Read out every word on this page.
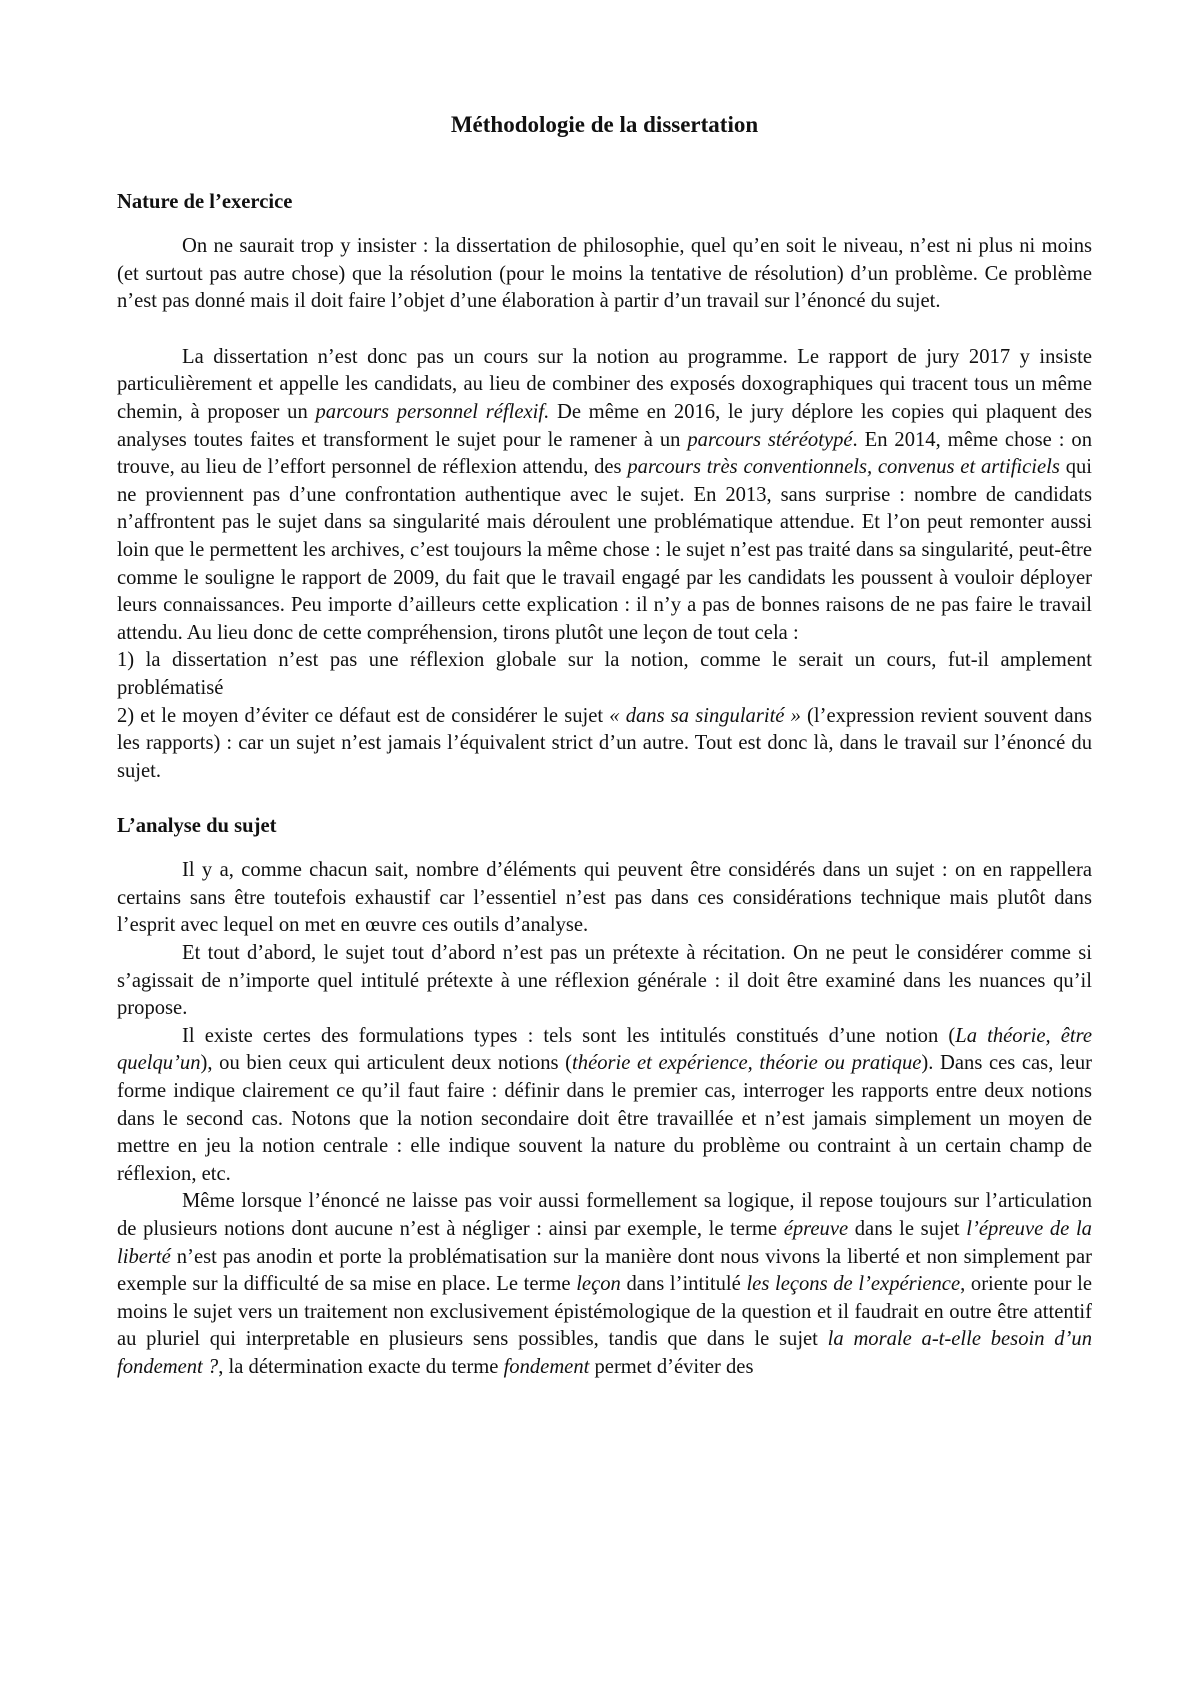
Méthodologie de la dissertation
Nature de l’exercice

On ne saurait trop y insister : la dissertation de philosophie, quel qu’en soit le niveau, n’est ni plus ni moins (et surtout pas autre chose) que la résolution (pour le moins la tentative de résolution) d’un problème. Ce problème n’est pas donné mais il doit faire l’objet d’une élaboration à partir d’un travail sur l’énoncé du sujet.

La dissertation n’est donc pas un cours sur la notion au programme. Le rapport de jury 2017 y insiste particulièrement et appelle les candidats, au lieu de combiner des exposés doxographiques qui tracent tous un même chemin, à proposer un parcours personnel réflexif. De même en 2016, le jury déplore les copies qui plaquent des analyses toutes faites et transforment le sujet pour le ramener à un parcours stéréotypé. En 2014, même chose : on trouve, au lieu de l’effort personnel de réflexion attendu, des parcours très conventionnels, convenus et artificiels qui ne proviennent pas d’une confrontation authentique avec le sujet. En 2013, sans surprise : nombre de candidats n’affrontent pas le sujet dans sa singularité mais déroulent une problématique attendue. Et l’on peut remonter aussi loin que le permettent les archives, c’est toujours la même chose : le sujet n’est pas traité dans sa singularité, peut-être comme le souligne le rapport de 2009, du fait que le travail engagé par les candidats les poussent à vouloir déployer leurs connaissances. Peu importe d’ailleurs cette explication : il n’y a pas de bonnes raisons de ne pas faire le travail attendu. Au lieu donc de cette compréhension, tirons plutôt une leçon de tout cela :

1) la dissertation n’est pas une réflexion globale sur la notion, comme le serait un cours, fut-il amplement problématisé

2) et le moyen d’éviter ce défaut est de considérer le sujet « dans sa singularité » (l’expression revient souvent dans les rapports) : car un sujet n’est jamais l’équivalent strict d’un autre. Tout est donc là, dans le travail sur l’énoncé du sujet.

L’analyse du sujet

Il y a, comme chacun sait, nombre d’éléments qui peuvent être considérés dans un sujet : on en rappellera certains sans être toutefois exhaustif car l’essentiel n’est pas dans ces considérations technique mais plutôt dans l’esprit avec lequel on met en œuvre ces outils d’analyse.

Et tout d’abord, le sujet tout d’abord n’est pas un prétexte à récitation. On ne peut le considérer comme si s’agissait de n’importe quel intitulé prétexte à une réflexion générale : il doit être examiné dans les nuances qu’il propose.

Il existe certes des formulations types : tels sont les intitulés constitués d’une notion (La théorie, être quelqu’un), ou bien ceux qui articulent deux notions (théorie et expérience, théorie ou pratique). Dans ces cas, leur forme indique clairement ce qu’il faut faire : définir dans le premier cas, interroger les rapports entre deux notions dans le second cas. Notons que la notion secondaire doit être travaillée et n’est jamais simplement un moyen de mettre en jeu la notion centrale : elle indique souvent la nature du problème ou contraint à un certain champ de réflexion, etc.

Même lorsque l’énoncé ne laisse pas voir aussi formellement sa logique, il repose toujours sur l’articulation de plusieurs notions dont aucune n’est à négliger : ainsi par exemple, le terme épreuve dans le sujet l’épreuve de la liberté n’est pas anodin et porte la problématisation sur la manière dont nous vivons la liberté et non simplement par exemple sur la difficulté de sa mise en place. Le terme leçon dans l’intitulé les leçons de l’expérience, oriente pour le moins le sujet vers un traitement non exclusivement épistémologique de la question et il faudrait en outre être attentif au pluriel qui interpretable en plusieurs sens possibles, tandis que dans le sujet la morale a-t-elle besoin d’un fondement ?, la détermination exacte du terme fondement permet d’éviter des
